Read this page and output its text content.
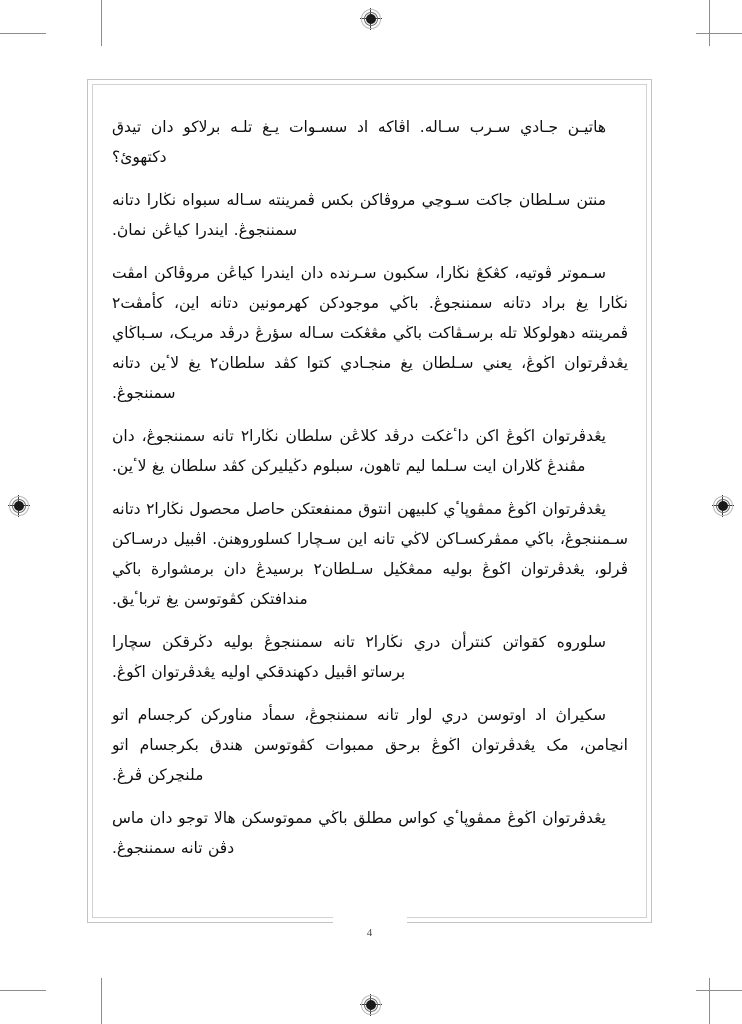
4

هاتيـن جـادي سـرب سـاله. اڤاكه اد سسـوات يـغ تلـه برلاكو دان تيدق دكتهوئ؟

منتن سـلطان جاكت سـوڃي مروڤاكن بكس ڤمرينته سـاله سبواه نڬارا دتانه سمننجوڠ. ايندرا كياڠن نماڽ.

سـموتر ڤوتيه، كڠكڠ نڬارا، سكبون سـرنده دان ايندرا كياڠن مروڤاكن امڤت نڬارا يغ براد دتانه سمننجوڠ. باڬي موجودكن كهرمونين دتانه اين، كأمڤت٢ ڤمرينته دهولوكلا تله برسـڤاكت باڬي مڠڠكت سـاله سؤرڠ درڤد مريـک، سـباڬاي يڠدڤرتوان اڬوڠ، يعني سـلطان يغ منجـادي كتوا كڤد سلطان٢ يغ لاٴين دتانه سمننجوڠ.

يڠدڤرتوان اڬوڠ اكن داٴغكت درڤد كلاڠن سلطان نڬارا٢ تانه سمننجوڠ، دان مڤندڠ ڬلاران ايت سـلما ليم تاهون، سبلوم دڬيليركن كڤد سلطان يغ لاٴين.

يڠدڤرتوان اڬوڠ ممڤوڽاٴي كلبيهن انتوق ممنفعتكن حاصل محصول نڬارا٢ دتانه سـمننجوڠ، باڬي ممڤركسـاكن لاڬي تانه اين سـچارا كسلوروهنڽ. اڤبيل درسـاكن ڤرلو، يڠدڤرتوان اڬوڠ بوليه ممڠڬيل سـلطان٢ برسيدڠ دان برمشوارة باڬي مندافتكن كڤوتوسن يغ ترباٴيق.

سلوروه كقواتن كنترأن دري نڬارا٢ تانه سمننجوڠ بوليه دڬرقكن سچارا برساتو اڤبيل دكهندقكي اوليه يڠدڤرتوان اڬوڠ.

سكيراڽ اد اوتوسن دري لوار تانه سمننجوڠ، سمأد مناوركن كرجسام اتو انڃامن، مک يڠدڤرتوان اڬوڠ برحق ممبوات كڤوتوسن هندق بكرجسام اتو ملنڃركن ڤرڠ.

يڠدڤرتوان اڬوڠ ممڤوڽاٴي كواس مطلق باڬي مموتوسكن هالا توجو دان ماس دڤن تانه سمننجوڠ.
